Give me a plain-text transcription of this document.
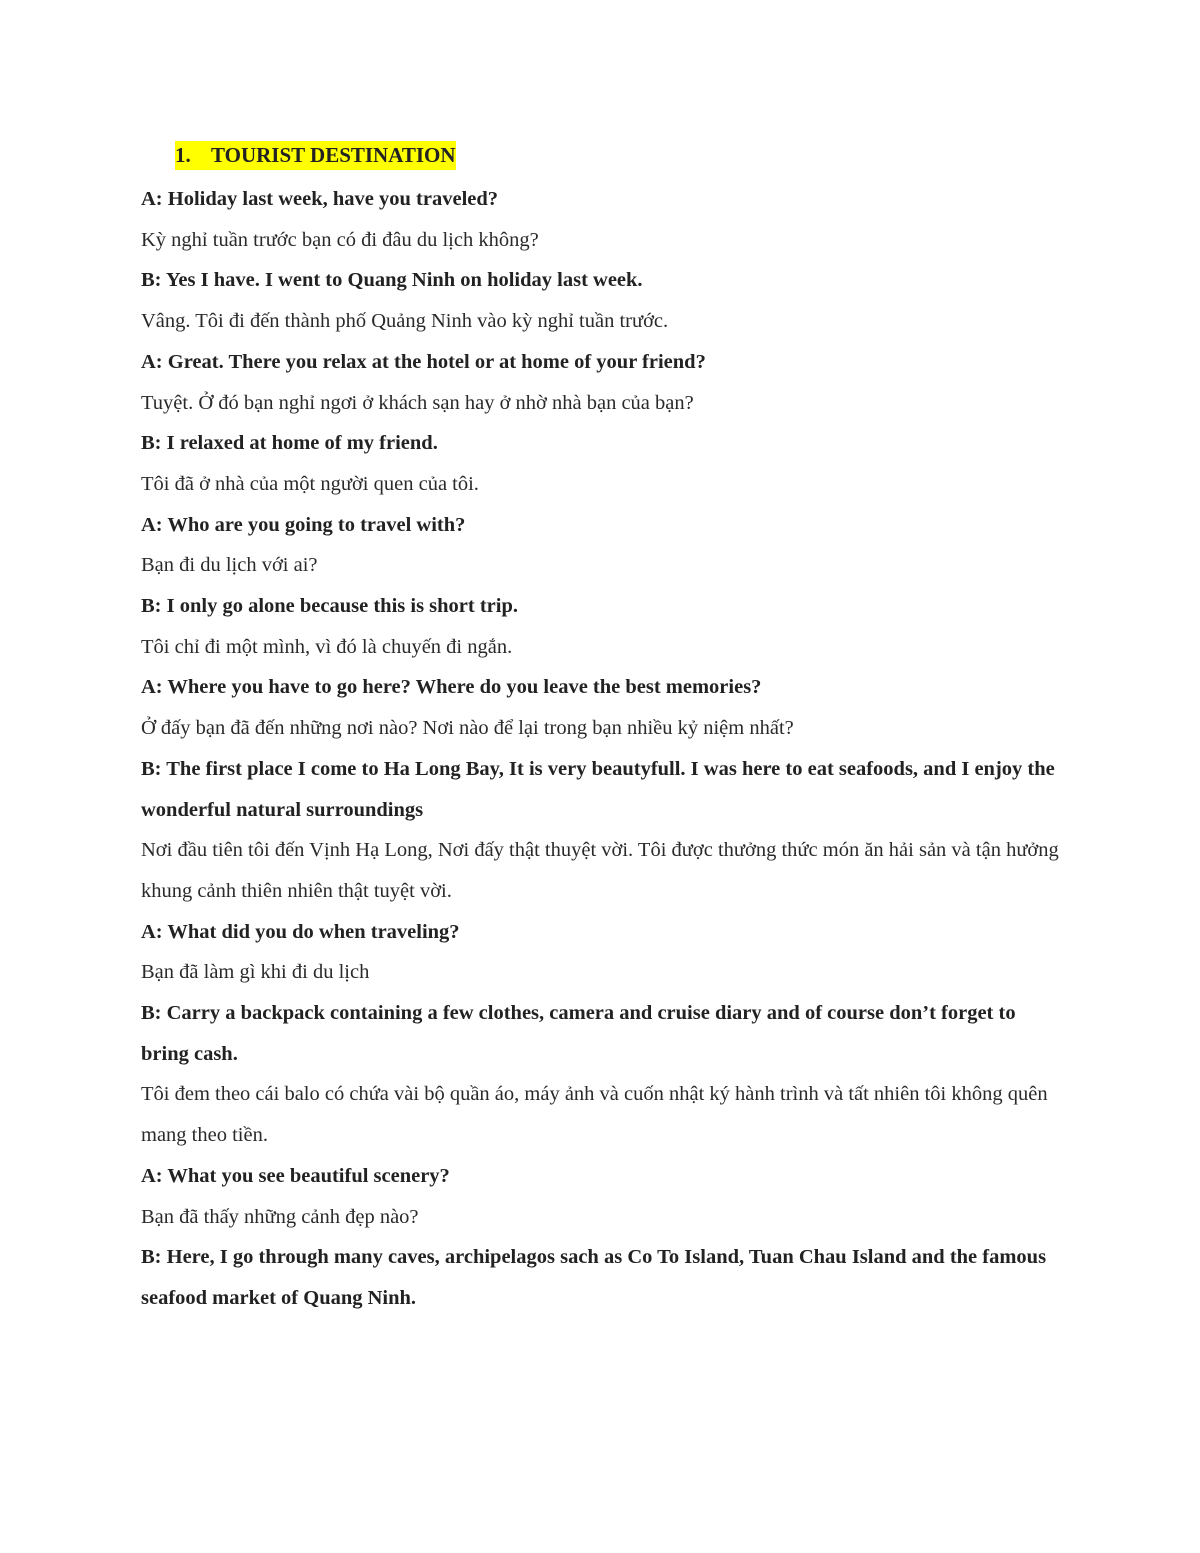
1. TOURIST DESTINATION

A: Holiday last week, have you traveled?

Kỳ nghỉ tuần trước bạn có đi đâu du lịch không?

B: Yes I have. I went to Quang Ninh on holiday last week.

Vâng. Tôi đi đến thành phố Quảng Ninh vào kỳ nghỉ tuần trước.

A: Great. There you relax at the hotel or at home of your friend?

Tuyệt. Ở đó bạn nghỉ ngơi ở khách sạn hay ở nhờ nhà bạn của bạn?

B: I relaxed at home of my friend.

Tôi đã ở nhà của một người quen của tôi.

A: Who are you going to travel with?

Bạn đi du lịch với ai?

B: I only go alone because this is short trip.

Tôi chỉ đi một mình, vì đó là chuyến đi ngắn.

A: Where you have to go here? Where do you leave the best memories?

Ở đấy bạn đã đến những nơi nào? Nơi nào để lại trong bạn nhiều kỷ niệm nhất?

B: The first place I come to Ha Long Bay, It is very beautyfull. I was here to eat seafoods, and I enjoy the wonderful natural surroundings

Nơi đầu tiên tôi đến Vịnh Hạ Long, Nơi đấy thật thuyệt vời. Tôi được thưởng thức món ăn hải sản và tận hưởng khung cảnh thiên nhiên thật tuyệt vời.

A: What did you do when traveling?

Bạn đã làm gì khi đi du lịch

B: Carry a backpack containing a few clothes, camera and cruise diary and of course don’t forget to bring cash.

Tôi đem theo cái balo có chứa vài bộ quần áo, máy ảnh và cuốn nhật ký hành trình và tất nhiên tôi không quên mang theo tiền.

A: What you see beautiful scenery?

Bạn đã thấy những cảnh đẹp nào?

B: Here, I go through many caves, archipelagos sach as Co To Island, Tuan Chau Island and the famous seafood market of Quang Ninh.
